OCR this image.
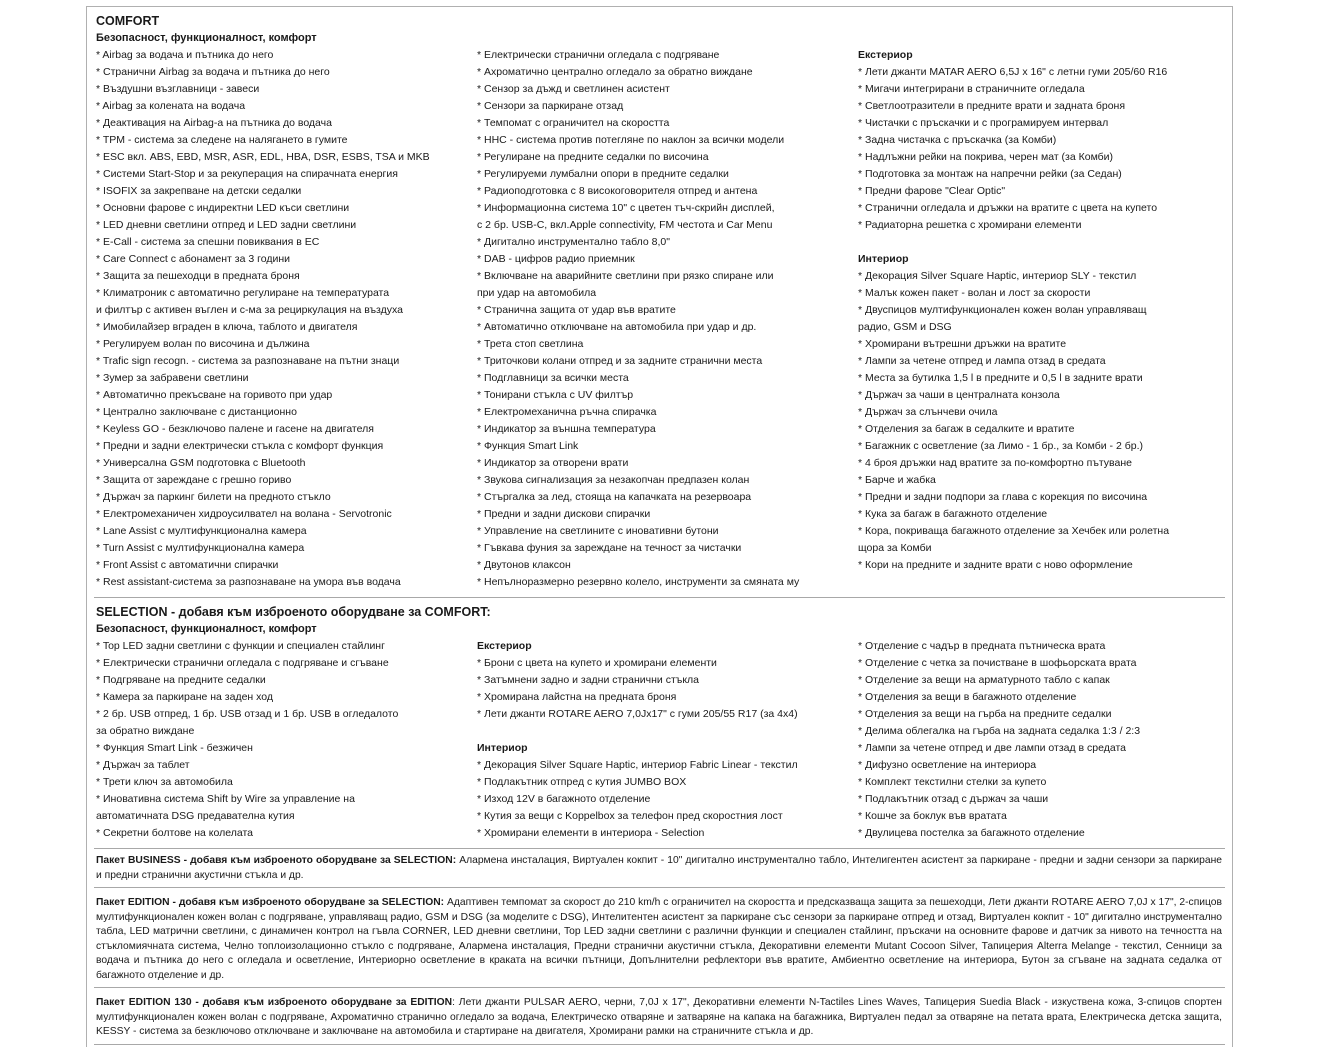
COMFORT
Безопасност, функционалност, комфорт
* Airbag за водача и пътника до него
* Странични Airbag за водача и пътника до него
* Въздушни възглавници - завеси
* Airbag за колената на водача
* Деактивация на Airbag-a на пътника до водача
* TPM - система за следене на налягането в гумите
* ESC вкл. ABS, EBD, MSR, ASR, EDL, HBA, DSR, ESBS, TSA и MKB
* Системи Start-Stop и за рекуперация на спирачната енергия
* ISOFIX за закрепване на детски седалки
* Основни фарове с индиректни LED къси светлини
* LED дневни светлини отпред и LED задни светлини
* E-Call - система за спешни повиквания в ЕС
* Care Connect с абонамент за 3 години
* Защита за пешеходци в предната броня
* Климатроник с автоматично регулиране на температурата
и филтър с активен въглен и с-ма за рециркулация на въздуха
* Имобилайзер вграден в ключа, таблото и двигателя
* Регулируем волан по височина и дължина
* Trafic sign recogn. - система за разпознаване на пътни знаци
* Зумер за забравени светлини
* Автоматично прекъсване на горивото при удар
* Централно заключване с дистанционно
* Keyless GO - безключово палене и гасене на двигателя
* Предни и задни електрически стъкла с комфорт функция
* Универсална GSM подготовка с Bluetooth
* Защита от зареждане с грешно гориво
* Държач за паркинг билети на предното стъкло
* Електромеханичен хидроусилвател на волана - Servotronic
* Lane Assist с мултифункционална камера
* Turn Assist с мултифункционална камера
* Front Assist с автоматични спирачки
* Rest assistant-система за разпознаване на умора във водача
* Електрически странични огледала с подгряване
* Ахроматично централно огледало за обратно виждане
* Сензор за дъжд и светлинен асистент
* Сензори за паркиране отзад
* Темпомат с ограничител на скоростта
* HHC - система против потегляне по наклон за всички модели
* Регулиране на предните седалки по височина
* Регулируеми лумбални опори в предните седалки
* Радиоподготовка с 8 високоговорителя отпред и антена
* Информационна система 10" с цветен тъч-скрийн дисплей,
с 2 бр. USB-C, вкл.Apple connectivity, FM честота и Car Menu
* Дигитално инструментално табло 8,0"
* DAB - цифров радио приемник
* Включване на аварийните светлини при рязко спиране или
при удар на автомобила
* Странична защита от удар във вратите
* Автоматично отключване на автомобила при удар и др.
* Трета стоп светлина
* Триточкови колани отпред и за задните странични места
* Подглавници за всички места
* Тонирани стъкла с UV филтър
* Електромеханична ръчна спирачка
* Индикатор за външна температура
* Функция Smart Link
* Индикатор за отворени врати
* Звукова сигнализация за незакопчан предпазен колан
* Стъргалка за лед, стояща на капачката на резервоара
* Предни и задни дискови спирачки
* Управление на светлините с иновативни бутони
* Гъвкава фуния за зареждане на течност за чистачки
* Двутонов клаксон
* Непълноразмерно резервно колело, инструменти за смяната му
Екстериор
* Лети джанти MATAR AERO 6,5J x 16" с летни гуми 205/60 R16
* Мигачи интегрирани в страничните огледала
* Светлоотразители в предните врати и задната броня
* Чистачки с пръскачки и с програмируем интервал
* Задна чистачка с пръскачка (за Комби)
* Надлъжни рейки на покрива, черен мат (за Комби)
* Подготовка за монтаж на напречни рейки (за Седан)
* Предни фарове "Clear Optic"
* Странични огледала и дръжки на вратите с цвета на купето
* Радиаторна решетка с хромирани елементи
Интериор
* Декорация Silver Square Haptic, интериор SLY - текстил
* Малък кожен пакет - волан и лост за скорости
* Двуспицов мултифункционален кожен волан управляващ
радио, GSM и DSG
* Хромирани вътрешни дръжки на вратите
* Лампи за четене отпред и лампа отзад в средата
* Места за бутилка 1,5 l в предните и 0,5 l в задните врати
* Държач за чаши в централната конзола
* Държач за слънчеви очила
* Отделения за багаж в седалките и вратите
* Багажник с осветление (за Лимо - 1 бр., за Комби - 2 бр.)
* 4 броя дръжки над вратите за по-комфортно пътуване
* Барче и жабка
* Предни и задни подпори за глава с корекция по височина
* Кука за багаж в багажното отделение
* Кора, покриваща багажното отделение за Хечбек или ролетна
щора за Комби
* Кори на предните и задните врати с ново оформление
SELECTION - добавя към изброеното оборудване за COMFORT:
Безопасност, функционалност, комфорт
* Top LED задни светлини с функции и специален стайлинг
* Електрически странични огледала с подгряване и сгъване
* Подгряване на предните седалки
* Камера за паркиране на заден ход
* 2 бр. USB отпред, 1 бр. USB отзад и 1 бр. USB в огледалото
за обратно виждане
* Функция Smart Link - безжичен
* Държач за таблет
* Трети ключ за автомобила
* Иновативна система Shift by Wire за управление на
автоматичната DSG предавателна кутия
* Секретни болтове на колелата
Екстериор
* Брони с цвета на купето и хромирани елементи
* Затъмнени задно и задни странични стъкла
* Хромирана лайстна на предната броня
* Лети джанти ROTARE AERO 7,0Jx17" с гуми 205/55 R17 (за 4x4)
Интериор
* Декорация Silver Square Haptic, интериор Fabric Linear - текстил
* Подлакътник отпред с кутия JUMBO BOX
* Изход 12V в багажното отделение
* Кутия за вещи с Koppelbox за телефон пред скоростния лост
* Хромирани елементи в интериора - Selection
* Отделение с чадър в предната пътническа врата
* Отделение с четка за почистване в шофьорската врата
* Отделение за вещи на арматурното табло с капак
* Отделения за вещи в багажното отделение
* Отделения за вещи на гърба на предните седалки
* Делима облегалка на гърба на задната седалка 1:3 / 2:3
* Лампи за четене отпред и две лампи отзад в средата
* Дифузно осветление на интериора
* Комплект текстилни стелки за купето
* Подлакътник отзад с държач за чаши
* Кошче за боклук във вратата
* Двулицева постелка за багажното отделение
Пакет BUSINESS - добавя към изброеното оборудване за SELECTION: Алармена инсталация, Виртуален кокпит - 10" дигитално инструментално табло, Интелигентен асистент за паркиране - предни и задни сензори за паркиране и предни странични акустични стъкла и др.
Пакет EDITION - добавя към изброеното оборудване за SELECTION: Адаптивен темпомат за скорост до 210 km/h с ограничител на скоростта и предсказваща защита за пешеходци, Лети джанти ROTARE AERO 7,0J x 17", 2-спицов мултифункционален кожен волан с подгряване, управляващ радио, GSM и DSG (за моделите с DSG), Интелитентен асистент за паркиране със сензори за паркиране отпред и отзад, Виртуален кокпит - 10" дигитално инструментално табла, LED матрични светлини, с динамичен контрол на гъвла CORNER, LED дневни светлини, Top LED задни светлини с различни функции и специален стайлинг, пръскачи на основните фарове и датчик за нивото на течността на стъкломиячната система, Челно топлоизолационно стъкло с подгряване, Алармена инсталация, Предни странични акустични стъкла, Декоративни елементи Mutant Cocoon Silver, Тапицерия Alterra Melange - текстил, Сенници за водача и пътника до него с огледала и осветление, Интериорно осветление в краката на всички пътници, Допълнителни рефлектори във вратите, Амбиентно осветление на интериора, Бутон за сгъване на задната седалка от багажното отделение и др.
Пакет EDITION 130 - добавя към изброеното оборудване за EDITION: Лети джанти PULSAR AERO, черни, 7,0J x 17", Декоративни елементи N-Tactiles Lines Waves, Тапицерия Suedia Black - изкуствена кожа, 3-спицов спортен мултифункционален кожен волан с подгряване, Ахроматично странично огледало за водача, Електрическо отваряне и затваряне на капака на багажника, Виртуален педал за отваряне на петата врата, Електрическа детска защита, KESSY - система за безключово отключване и заключване на автомобила и стартиране на двигателя, Хромирани рамки на страничните стъкла и др.
